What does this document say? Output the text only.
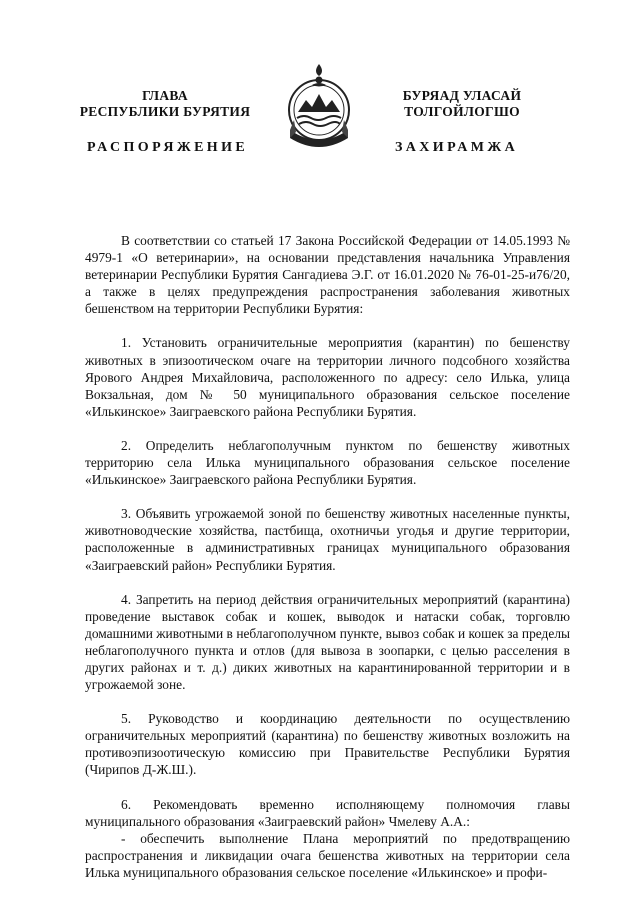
ГЛАВА
РЕСПУБЛИКИ БУРЯТИЯ
БУРЯАД УЛАСАЙ
ТОЛГОЙЛОГШО
РАСПОРЯЖЕНИЕ	ЗАХИРАМЖА

В соответствии со статьей 17 Закона Российской Федерации от 14.05.1993 № 4979-1 «О ветеринарии», на основании представления начальника Управления ветеринарии Республики Бурятия Сангадиева Э.Г. от 16.01.2020 № 76-01-25-и76/20, а также в целях предупреждения распространения заболевания животных бешенством на территории Республики Бурятия:

1. Установить ограничительные мероприятия (карантин) по бешенству животных в эпизоотическом очаге на территории личного подсобного хозяйства Ярового Андрея Михайловича, расположенного по адресу: село Илька, улица Вокзальная, дом № 50 муниципального образования сельское поселение «Илькинское» Заиграевского района Республики Бурятия.

2. Определить неблагополучным пунктом по бешенству животных территорию села Илька муниципального образования сельское поселение «Илькинское» Заиграевского района Республики Бурятия.

3. Объявить угрожаемой зоной по бешенству животных населенные пункты, животноводческие хозяйства, пастбища, охотничьи угодья и другие территории, расположенные в административных границах муниципального образования «Заиграевский район» Республики Бурятия.

4. Запретить на период действия ограничительных мероприятий (карантина) проведение выставок собак и кошек, выводок и натаски собак, торговлю домашними животными в неблагополучном пункте, вывоз собак и кошек за пределы неблагополучного пункта и отлов (для вывоза в зоопарки, с целью расселения в других районах и т. д.) диких животных на карантинированной территории и в угрожаемой зоне.

5. Руководство и координацию деятельности по осуществлению ограничительных мероприятий (карантина) по бешенству животных возложить на противоэпизоотическую комиссию при Правительстве Республики Бурятия (Чирипов Д-Ж.Ш.).

6. Рекомендовать временно исполняющему полномочия главы муниципального образования «Заиграевский район» Чмелеву А.А.:

- обеспечить выполнение Плана мероприятий по предотвращению распространения и ликвидации очага бешенства животных на территории села Илька муниципального образования сельское поселение «Илькинское» и профи-
